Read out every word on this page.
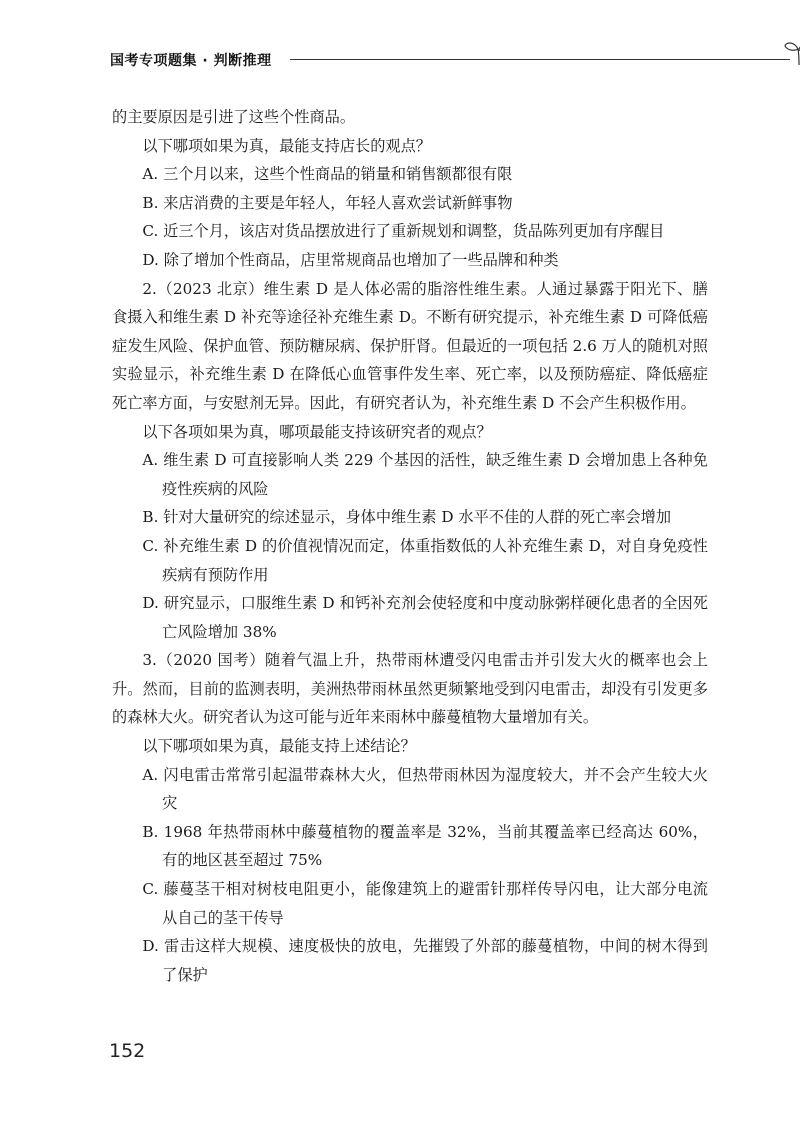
国考专项题集 · 判断推理

的主要原因是引进了这些个性商品。

以下哪项如果为真，最能支持店长的观点？

A. 三个月以来，这些个性商品的销量和销售额都很有限

B. 来店消费的主要是年轻人，年轻人喜欢尝试新鲜事物

C. 近三个月，该店对货品摆放进行了重新规划和调整，货品陈列更加有序醒目

D. 除了增加个性商品，店里常规商品也增加了一些品牌和种类

2.（2023 北京）维生素 D 是人体必需的脂溶性维生素。人通过暴露于阳光下、膳食摄入和维生素 D 补充等途径补充维生素 D。不断有研究提示，补充维生素 D 可降低癌症发生风险、保护血管、预防糖尿病、保护肝肾。但最近的一项包括 2.6 万人的随机对照实验显示，补充维生素 D 在降低心血管事件发生率、死亡率，以及预防癌症、降低癌症死亡率方面，与安慰剂无异。因此，有研究者认为，补充维生素 D 不会产生积极作用。

以下各项如果为真，哪项最能支持该研究者的观点？

A. 维生素 D 可直接影响人类 229 个基因的活性，缺乏维生素 D 会增加患上各种免疫性疾病的风险

B. 针对大量研究的综述显示，身体中维生素 D 水平不佳的人群的死亡率会增加

C. 补充维生素 D 的价值视情况而定，体重指数低的人补充维生素 D，对自身免疫性疾病有预防作用

D. 研究显示，口服维生素 D 和钙补充剂会使轻度和中度动脉粥样硬化患者的全因死亡风险增加 38%

3.（2020 国考）随着气温上升，热带雨林遭受闪电雷击并引发大火的概率也会上升。然而，目前的监测表明，美洲热带雨林虽然更频繁地受到闪电雷击，却没有引发更多的森林大火。研究者认为这可能与近年来雨林中藤蔓植物大量增加有关。

以下哪项如果为真，最能支持上述结论？

A. 闪电雷击常常引起温带森林大火，但热带雨林因为湿度较大，并不会产生较大火灾

B. 1968 年热带雨林中藤蔓植物的覆盖率是 32%，当前其覆盖率已经高达 60%，有的地区甚至超过 75%

C. 藤蔓茎干相对树枝电阻更小，能像建筑上的避雷针那样传导闪电，让大部分电流从自己的茎干传导

D. 雷击这样大规模、速度极快的放电，先摧毁了外部的藤蔓植物，中间的树木得到了保护

152
